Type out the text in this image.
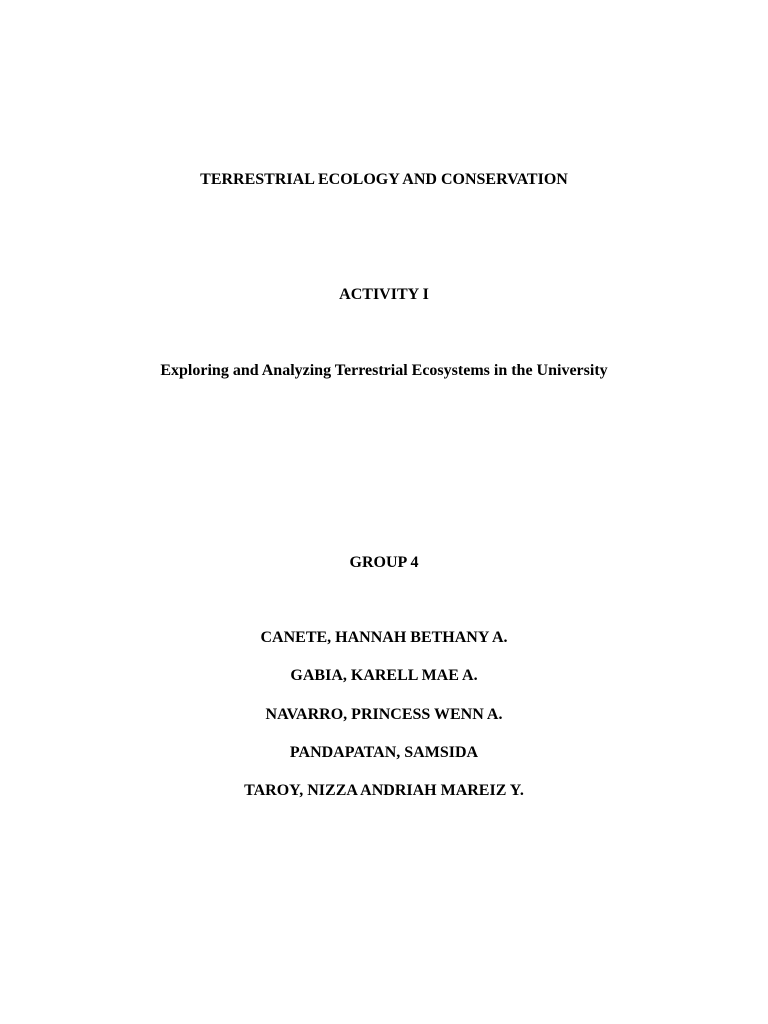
TERRESTRIAL ECOLOGY AND CONSERVATION
ACTIVITY I
Exploring and Analyzing Terrestrial Ecosystems in the University
GROUP 4
CANETE, HANNAH BETHANY A.
GABIA, KARELL MAE A.
NAVARRO, PRINCESS WENN A.
PANDAPATAN, SAMSIDA
TAROY, NIZZA ANDRIAH MAREIZ Y.
